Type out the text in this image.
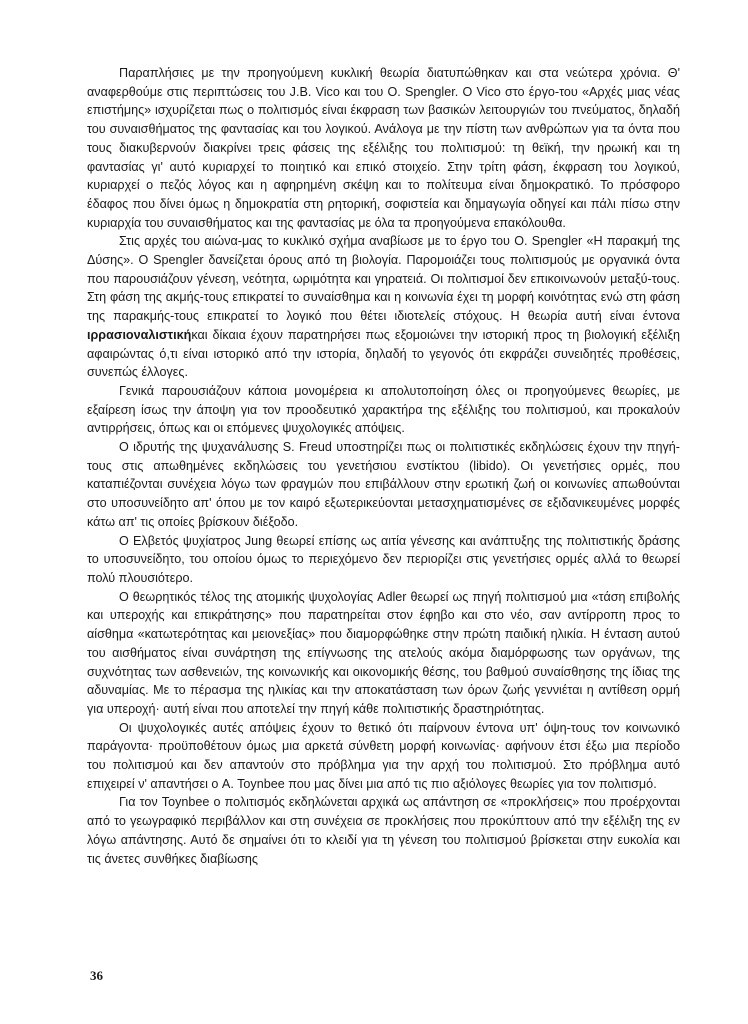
Παραπλήσιες με την προηγούμενη κυκλική θεωρία διατυπώθηκαν και στα νεώτερα χρόνια. Θ' αναφερθούμε στις περιπτώσεις του J.B. Vico και του O. Spengler. Ο Vico στο έργο-του «Αρχές μιας νέας επιστήμης» ισχυρίζεται πως ο πολιτισμός είναι έκφραση των βασικών λειτουργιών του πνεύματος, δηλαδή του συναισθήματος της φαντασίας και του λογικού. Ανάλογα με την πίστη των ανθρώπων για τα όντα που τους διακυβερνούν διακρίνει τρεις φάσεις της εξέλιξης του πολιτισμού: τη θεϊκή, την ηρωική και τη φαντασίας γι' αυτό κυριαρχεί το ποιητικό και επικό στοιχείο. Στην τρίτη φάση, έκφραση του λογικού, κυριαρχεί ο πεζός λόγος και η αφηρημένη σκέψη και το πολίτευμα είναι δημοκρατικό. Το πρόσφορο έδαφος που δίνει όμως η δημοκρατία στη ρητορική, σοφιστεία και δημαγωγία οδηγεί και πάλι πίσω στην κυριαρχία του συναισθήματος και της φαντασίας με όλα τα προηγούμενα επακόλουθα.

Στις αρχές του αιώνα-μας το κυκλικό σχήμα αναβίωσε με το έργο του O. Spengler «Η παρακμή της Δύσης». Ο Spengler δανείζεται όρους από τη βιολογία. Παρομοιάζει τους πολιτισμούς με οργανικά όντα που παρουσιάζουν γένεση, νεότητα, ωριμότητα και γηρατειά. Οι πολιτισμοί δεν επικοινωνούν μεταξύ-τους. Στη φάση της ακμής-τους επικρατεί το συναίσθημα και η κοινωνία έχει τη μορφή κοινότητας ενώ στη φάση της παρακμής-τους επικρατεί το λογικό που θέτει ιδιοτελείς στόχους. Η θεωρία αυτή είναι έντονα ιρρασιοναλιστικήκαι δίκαια έχουν παρατηρήσει πως εξομοιώνει την ιστορική προς τη βιολογική εξέλιξη αφαιρώντας ό,τι είναι ιστορικό από την ιστορία, δηλαδή το γεγονός ότι εκφράζει συνειδητές προθέσεις, συνεπώς έλλογες.

Γενικά παρουσιάζουν κάποια μονομέρεια κι απολυτοποίηση όλες οι προηγούμενες θεωρίες, με εξαίρεση ίσως την άποψη για τον προοδευτικό χαρακτήρα της εξέλιξης του πολιτισμού, και προκαλούν αντιρρήσεις, όπως και οι επόμενες ψυχολογικές απόψεις.

Ο ιδρυτής της ψυχανάλυσης S. Freud υποστηρίζει πως οι πολιτιστικές εκδηλώσεις έχουν την πηγή-τους στις απωθημένες εκδηλώσεις του γενετήσιου ενστίκτου (libido). Οι γενετήσιες ορμές, που καταπιέζονται συνέχεια λόγω των φραγμών που επιβάλλουν στην ερωτική ζωή οι κοινωνίες απωθούνται στο υποσυνείδητο απ' όπου με τον καιρό εξωτερικεύονται μετασχηματισμένες σε εξιδανικευμένες μορφές κάτω απ' τις οποίες βρίσκουν διέξοδο.

Ο Ελβετός ψυχίατρος Jung θεωρεί επίσης ως αιτία γένεσης και ανάπτυξης της πολιτιστικής δράσης το υποσυνείδητο, του οποίου όμως το περιεχόμενο δεν περιορίζει στις γενετήσιες ορμές αλλά το θεωρεί πολύ πλουσιότερο.

Ο θεωρητικός τέλος της ατομικής ψυχολογίας Adler θεωρεί ως πηγή πολιτισμού μια «τάση επιβολής και υπεροχής και επικράτησης» που παρατηρείται στον έφηβο και στο νέο, σαν αντίρροπη προς το αίσθημα «κατωτερότητας και μειονεξίας» που διαμορφώθηκε στην πρώτη παιδική ηλικία. Η ένταση αυτού του αισθήματος είναι συνάρτηση της επίγνωσης της ατελούς ακόμα διαμόρφωσης των οργάνων, της συχνότητας των ασθενειών, της κοινωνικής και οικονομικής θέσης, του βαθμού συναίσθησης της ίδιας της αδυναμίας. Με το πέρασμα της ηλικίας και την αποκατάσταση των όρων ζωής γεννιέται η αντίθεση ορμή για υπεροχή· αυτή είναι που αποτελεί την πηγή κάθε πολιτιστικής δραστηριότητας.

Οι ψυχολογικές αυτές απόψεις έχουν το θετικό ότι παίρνουν έντονα υπ' όψη-τους τον κοινωνικό παράγοντα· προϋποθέτουν όμως μια αρκετά σύνθετη μορφή κοινωνίας· αφήνουν έτσι έξω μια περίοδο του πολιτισμού και δεν απαντούν στο πρόβλημα για την αρχή του πολιτισμού. Στο πρόβλημα αυτό επιχειρεί ν' απαντήσει ο A. Toynbee που μας δίνει μια από τις πιο αξιόλογες θεωρίες για τον πολιτισμό.

Για τον Toynbee ο πολιτισμός εκδηλώνεται αρχικά ως απάντηση σε «προκλήσεις» που προέρχονται από το γεωγραφικό περιβάλλον και στη συνέχεια σε προκλήσεις που προκύπτουν από την εξέλιξη της εν λόγω απάντησης. Αυτό δε σημαίνει ότι το κλειδί για τη γένεση του πολιτισμού βρίσκεται στην ευκολία και τις άνετες συνθήκες διαβίωσης

36
